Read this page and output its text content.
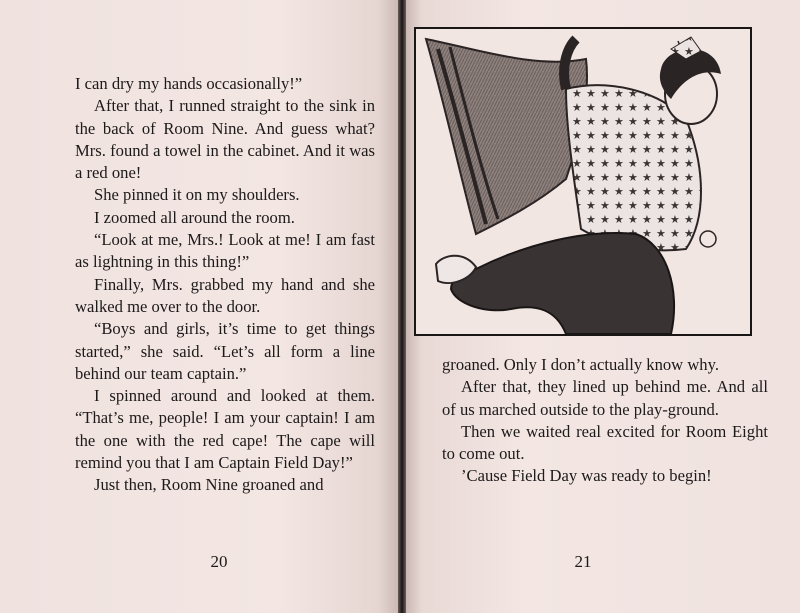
I can dry my hands occasionally!”

After that, I runned straight to the sink in the back of Room Nine. And guess what? Mrs. found a towel in the cabinet. And it was a red one!

She pinned it on my shoulders.

I zoomed all around the room.

“Look at me, Mrs.! Look at me! I am fast as lightning in this thing!”

Finally, Mrs. grabbed my hand and she walked me over to the door.

“Boys and girls, it’s time to get things started,” she said. “Let’s all form a line behind our team captain.”

I spinned around and looked at them. “That’s me, people! I am your captain! I am the one with the red cape! The cape will remind you that I am Captain Field Day!”

Just then, Room Nine groaned and

20

groaned. Only I don’t actually know why.

After that, they lined up behind me. And all of us marched outside to the play-ground.

Then we waited real excited for Room Eight to come out.

’Cause Field Day was ready to begin!

21
